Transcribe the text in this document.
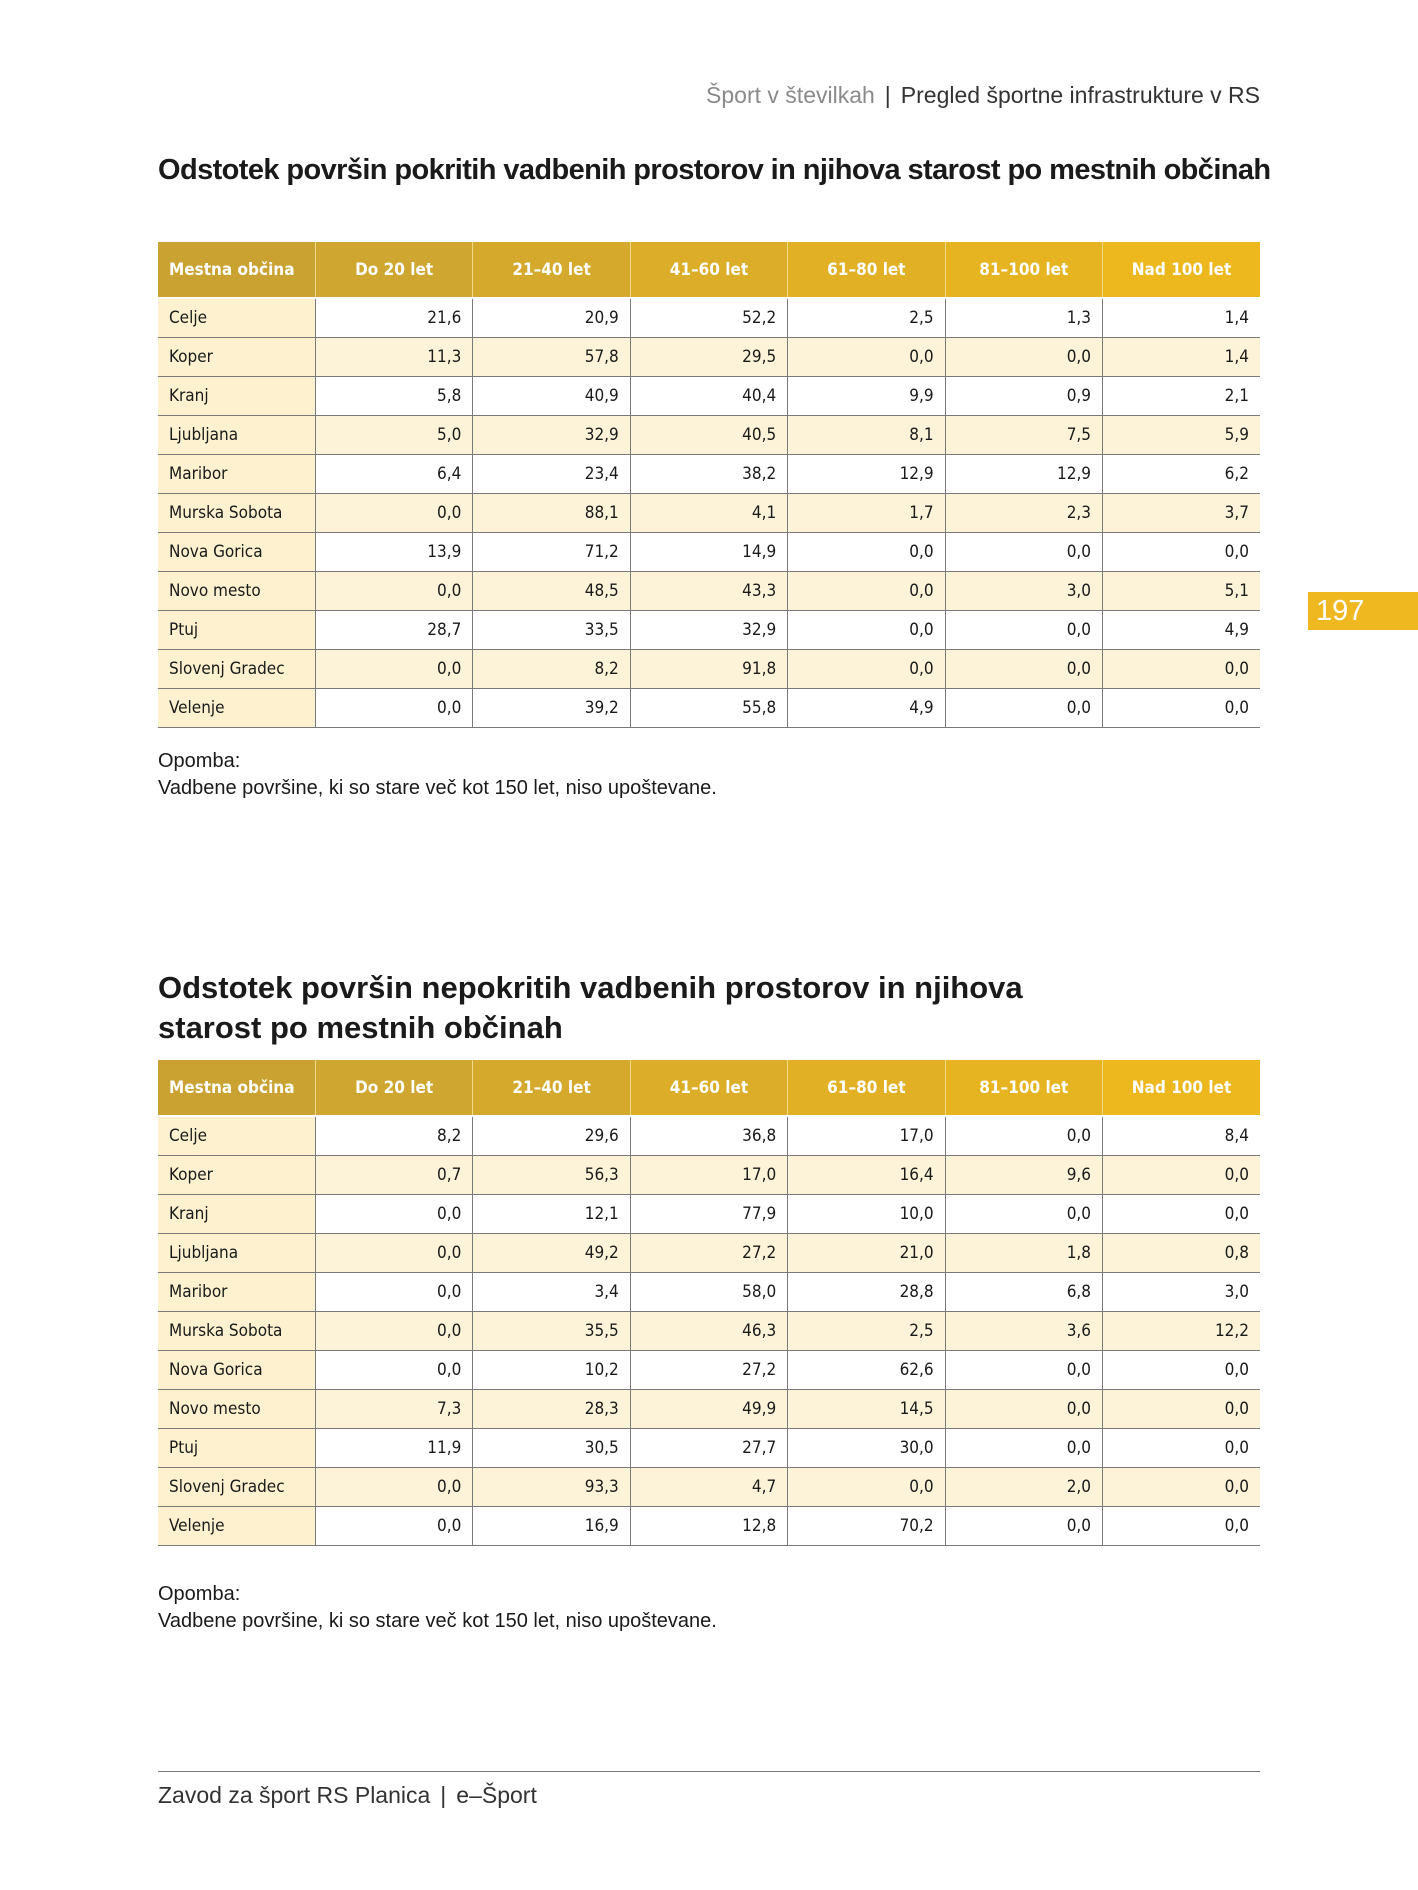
Šport v številkah | Pregled športne infrastrukture v RS
Odstotek površin pokritih vadbenih prostorov in njihova starost po mestnih občinah
Mestna občina	Do 20 let	21–40 let	41–60 let	61–80 let	81–100 let	Nad 100 let
Celje	21,6	20,9	52,2	2,5	1,3	1,4
Koper	11,3	57,8	29,5	0,0	0,0	1,4
Kranj	5,8	40,9	40,4	9,9	0,9	2,1
Ljubljana	5,0	32,9	40,5	8,1	7,5	5,9
Maribor	6,4	23,4	38,2	12,9	12,9	6,2
Murska Sobota	0,0	88,1	4,1	1,7	2,3	3,7
Nova Gorica	13,9	71,2	14,9	0,0	0,0	0,0
Novo mesto	0,0	48,5	43,3	0,0	3,0	5,1
Ptuj	28,7	33,5	32,9	0,0	0,0	4,9
Slovenj Gradec	0,0	8,2	91,8	0,0	0,0	0,0
Velenje	0,0	39,2	55,8	4,9	0,0	0,0
Opomba:
Vadbene površine, ki so stare več kot 150 let, niso upoštevane.
197
Odstotek površin nepokritih vadbenih prostorov in njihova starost po mestnih občinah
Mestna občina	Do 20 let	21–40 let	41–60 let	61–80 let	81–100 let	Nad 100 let
Celje	8,2	29,6	36,8	17,0	0,0	8,4
Koper	0,7	56,3	17,0	16,4	9,6	0,0
Kranj	0,0	12,1	77,9	10,0	0,0	0,0
Ljubljana	0,0	49,2	27,2	21,0	1,8	0,8
Maribor	0,0	3,4	58,0	28,8	6,8	3,0
Murska Sobota	0,0	35,5	46,3	2,5	3,6	12,2
Nova Gorica	0,0	10,2	27,2	62,6	0,0	0,0
Novo mesto	7,3	28,3	49,9	14,5	0,0	0,0
Ptuj	11,9	30,5	27,7	30,0	0,0	0,0
Slovenj Gradec	0,0	93,3	4,7	0,0	2,0	0,0
Velenje	0,0	16,9	12,8	70,2	0,0	0,0
Opomba:
Vadbene površine, ki so stare več kot 150 let, niso upoštevane.
Zavod za šport RS Planica | e–Šport
